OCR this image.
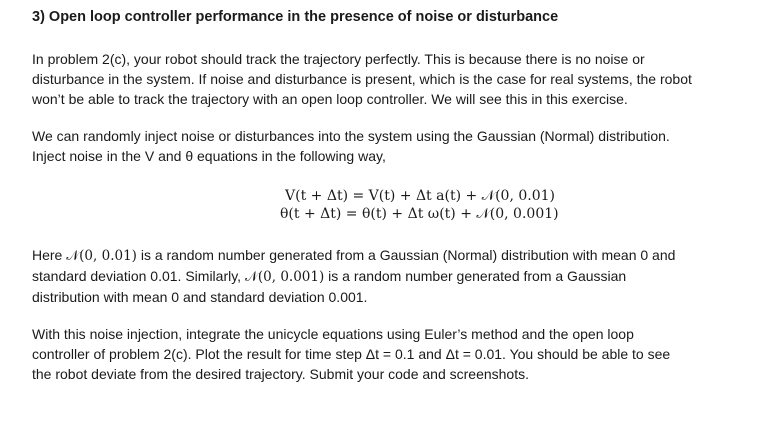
3) Open loop controller performance in the presence of noise or disturbance
In problem 2(c), your robot should track the trajectory perfectly. This is because there is no noise or
disturbance in the system. If noise and disturbance is present, which is the case for real systems, the robot
won’t be able to track the trajectory with an open loop controller. We will see this in this exercise.
We can randomly inject noise or disturbances into the system using the Gaussian (Normal) distribution.
Inject noise in the V and θ equations in the following way,
V(t + Δt) = V(t) + Δt a(t) + 𝒩(0, 0.01)
θ(t + Δt) = θ(t) + Δt ω(t) + 𝒩(0, 0.001)
Here 𝒩(0, 0.01) is a random number generated from a Gaussian (Normal) distribution with mean 0 and
standard deviation 0.01. Similarly, 𝒩(0, 0.001) is a random number generated from a Gaussian
distribution with mean 0 and standard deviation 0.001.
With this noise injection, integrate the unicycle equations using Euler’s method and the open loop
controller of problem 2(c). Plot the result for time step Δt = 0.1 and Δt = 0.01. You should be able to see
the robot deviate from the desired trajectory. Submit your code and screenshots.
